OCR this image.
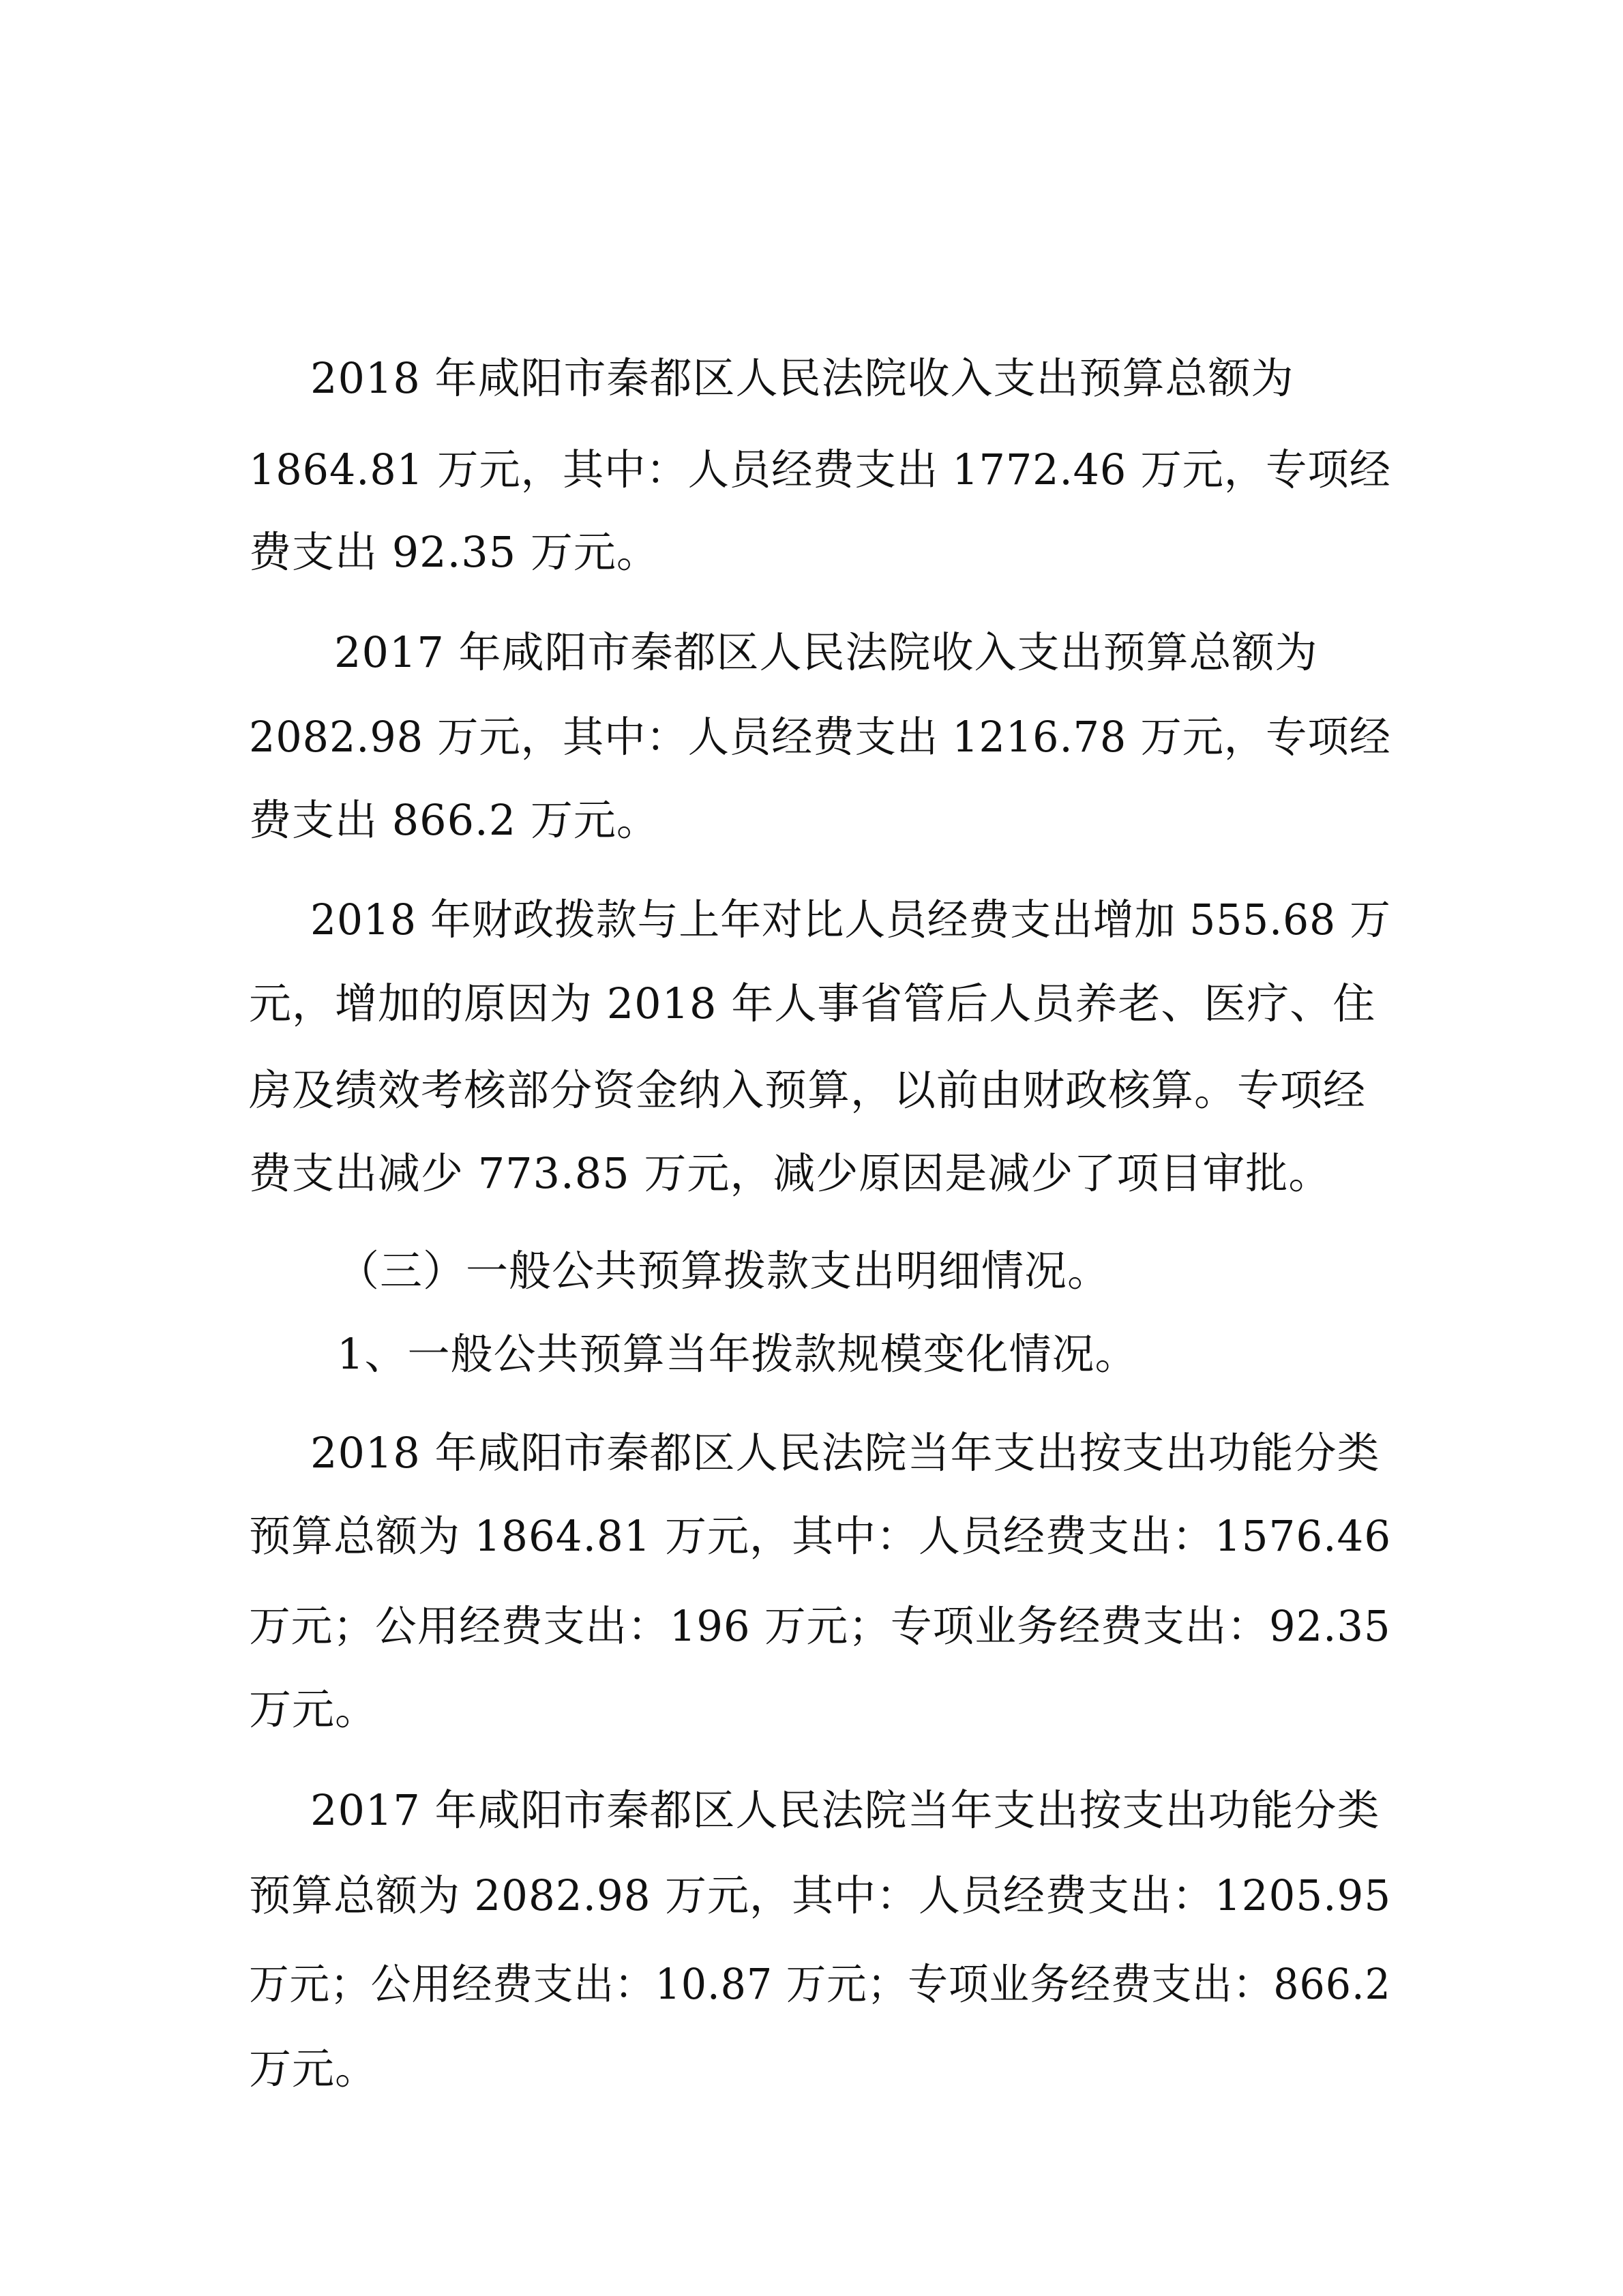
2018 年咸阳市秦都区人民法院收入支出预算总额为
1864.81 万元，其中：人员经费支出 1772.46 万元，专项经
费支出 92.35 万元。
2017 年咸阳市秦都区人民法院收入支出预算总额为
2082.98 万元，其中：人员经费支出 1216.78 万元，专项经
费支出 866.2 万元。
2018 年财政拨款与上年对比人员经费支出增加 555.68 万
元，增加的原因为 2018 年人事省管后人员养老、医疗、住
房及绩效考核部分资金纳入预算，以前由财政核算。专项经
费支出减少 773.85 万元，减少原因是减少了项目审批。
（三）一般公共预算拨款支出明细情况。
1、一般公共预算当年拨款规模变化情况。
2018 年咸阳市秦都区人民法院当年支出按支出功能分类
预算总额为 1864.81 万元，其中：人员经费支出：1576.46
万元；公用经费支出：196 万元；专项业务经费支出：92.35
万元。
2017 年咸阳市秦都区人民法院当年支出按支出功能分类
预算总额为 2082.98 万元，其中：人员经费支出：1205.95
万元；公用经费支出：10.87 万元；专项业务经费支出：866.2
万元。
